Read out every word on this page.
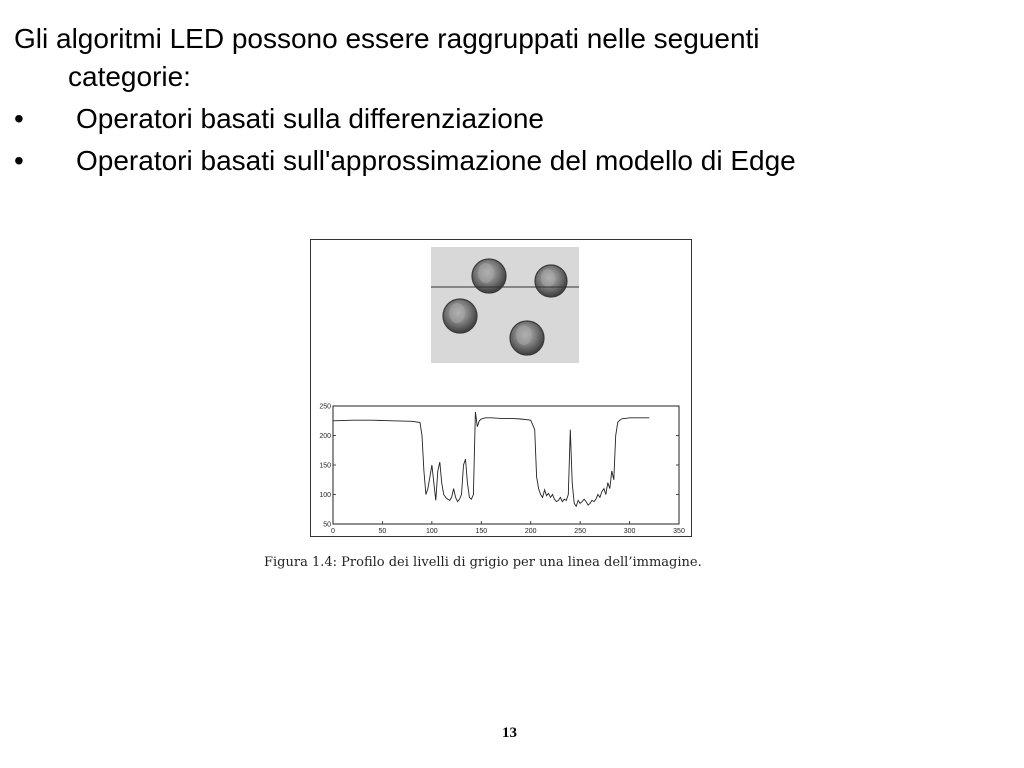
Gli algoritmi LED possono essere raggruppati nelle seguenti
categorie:
• Operatori basati sulla differenziazione
• Operatori basati sull'approssimazione del modello di Edge
0	50	100	150	200	250	300	350
50
100
150
200
250
Figura 1.4: Profilo dei livelli di grigio per una linea dell’immagine.
13
